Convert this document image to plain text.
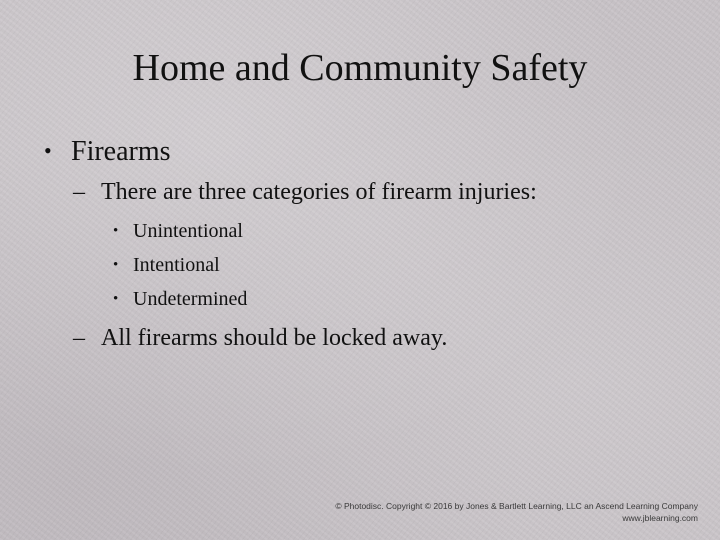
Home and Community Safety
• Firearms
– There are three categories of firearm injuries:
• Unintentional
• Intentional
• Undetermined
– All firearms should be locked away.
© Photodisc. Copyright © 2016 by Jones & Bartlett Learning, LLC an Ascend Learning Company
www.jblearning.com
